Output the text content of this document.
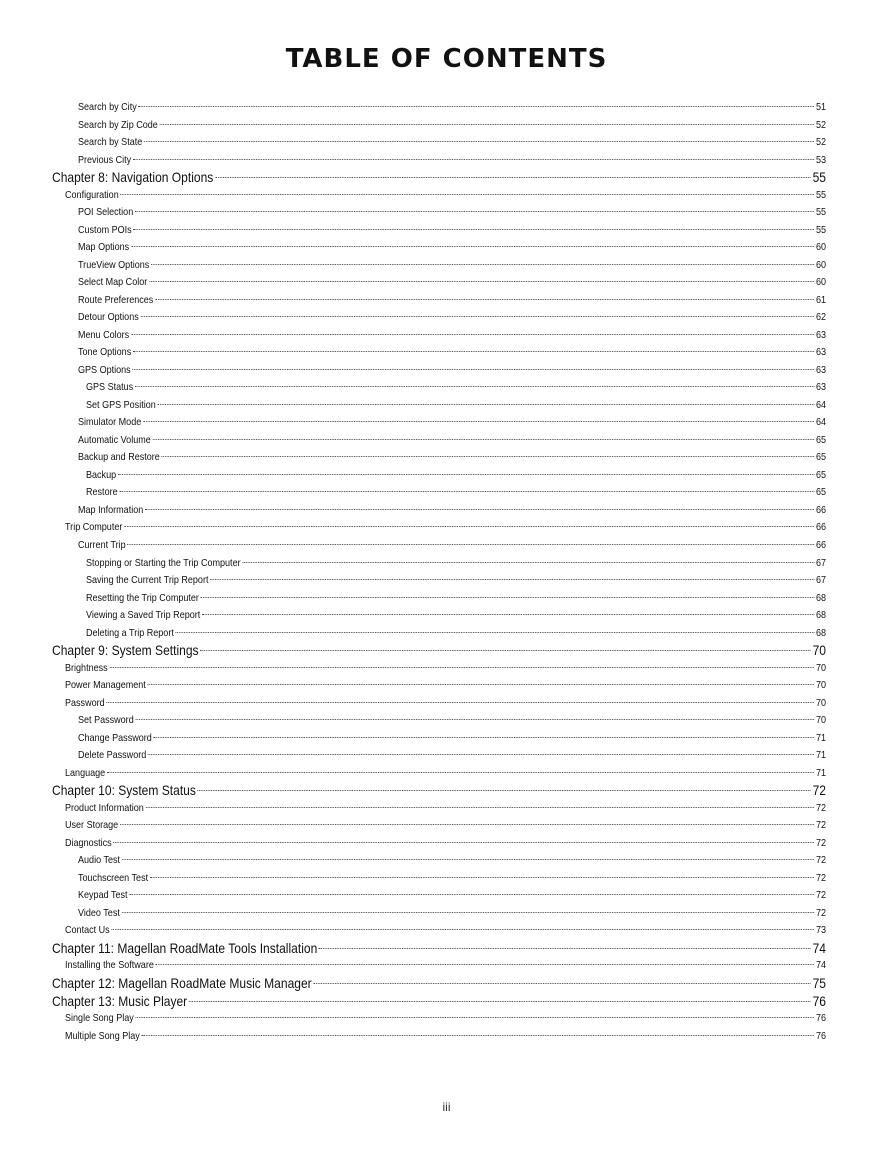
TABLE OF CONTENTS
Search by City	51
Search by Zip Code	52
Search by State	52
Previous City	53
Chapter 8: Navigation Options	55
Configuration	55
POI Selection	55
Custom POIs	55
Map Options	60
TrueView Options	60
Select Map Color	60
Route Preferences	61
Detour Options	62
Menu Colors	63
Tone Options	63
GPS Options	63
GPS Status	63
Set GPS Position	64
Simulator Mode	64
Automatic Volume	65
Backup and Restore	65
Backup	65
Restore	65
Map Information	66
Trip Computer	66
Current Trip	66
Stopping or Starting the Trip Computer	67
Saving the Current Trip Report	67
Resetting the Trip Computer	68
Viewing a Saved Trip Report	68
Deleting a Trip Report	68
Chapter 9: System Settings	70
Brightness	70
Power Management	70
Password	70
Set Password	70
Change Password	71
Delete Password	71
Language	71
Chapter 10: System Status	72
Product Information	72
User Storage	72
Diagnostics	72
Audio Test	72
Touchscreen Test	72
Keypad Test	72
Video Test	72
Contact Us	73
Chapter 11: Magellan RoadMate Tools Installation	74
Installing the Software	74
Chapter 12: Magellan RoadMate Music Manager	75
Chapter 13: Music Player	76
Single Song Play	76
Multiple Song Play	76
iii
